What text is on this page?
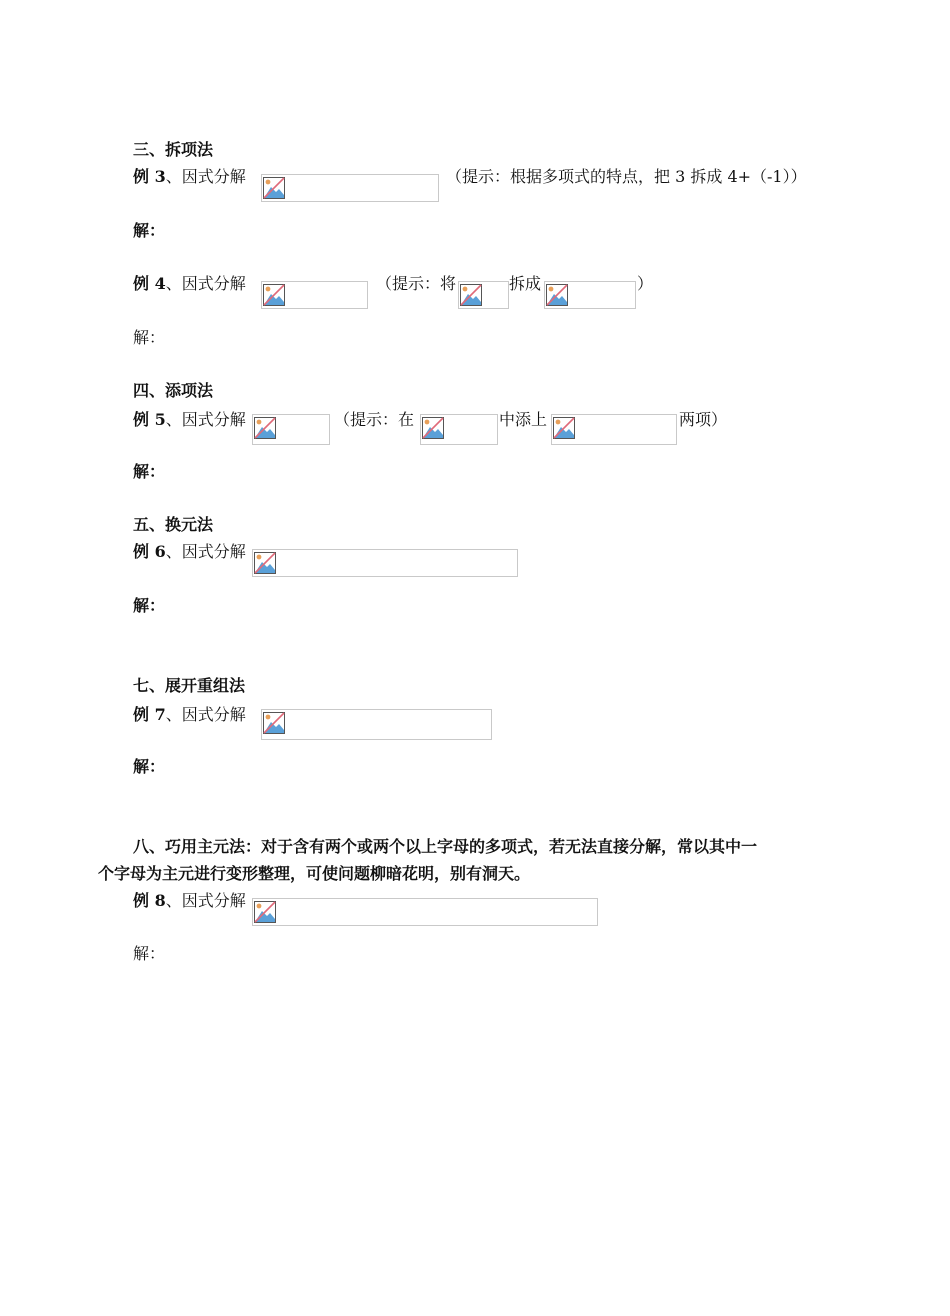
三、拆项法
例 3、因式分解	（提示：根据多项式的特点，把 3 拆成 4+（-1））
解：
例 4、因式分解	（提示：将	拆成	）
解：
四、添项法
例 5、因式分解	（提示：在	中添上	两项）
解：
五、换元法
例 6、因式分解
解：
七、展开重组法
例 7、因式分解
解：
八、巧用主元法：对于含有两个或两个以上字母的多项式，若无法直接分解，常以其中一
个字母为主元进行变形整理，可使问题柳暗花明，别有洞天。
例 8、因式分解
解：
